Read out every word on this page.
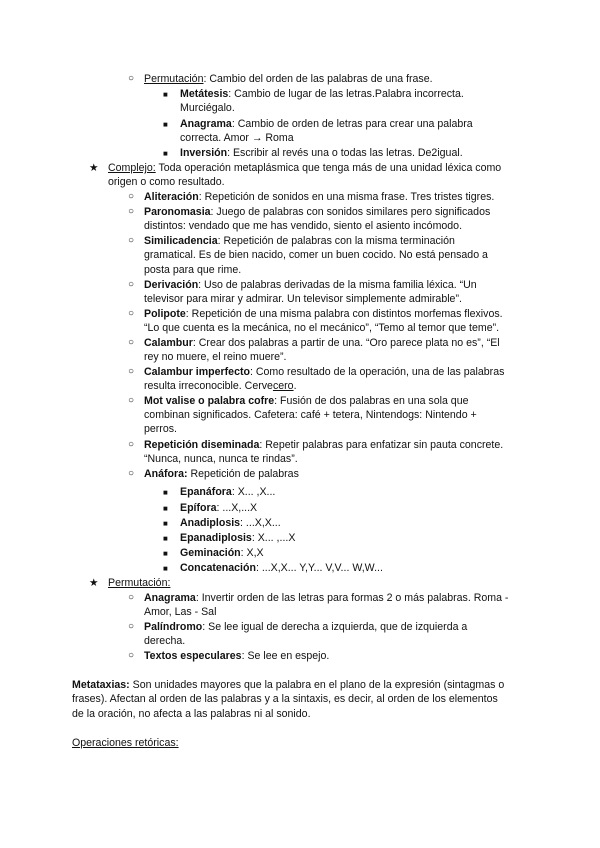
○ Permutación: Cambio del orden de las palabras de una frase.
■ Metátesis: Cambio de lugar de las letras.Palabra incorrecta.
Murciégalo.
■ Anagrama: Cambio de orden de letras para crear una palabra
correcta. Amor → Roma
■ Inversión: Escribir al revés una o todas las letras. De2igual.
★ Complejo: Toda operación metaplásmica que tenga más de una unidad léxica como
origen o como resultado.
○ Aliteración: Repetición de sonidos en una misma frase. Tres tristes tigres.
○ Paronomasia: Juego de palabras con sonidos similares pero significados
distintos: vendado que me has vendido, siento el asiento incómodo.
○ Similicadencia: Repetición de palabras con la misma terminación
gramatical. Es de bien nacido, comer un buen cocido. No está pensado a
posta para que rime.
○ Derivación: Uso de palabras derivadas de la misma familia léxica. “Un
televisor para mirar y admirar. Un televisor simplemente admirable”.
○ Polipote: Repetición de una misma palabra con distintos morfemas flexivos.
“Lo que cuenta es la mecánica, no el mecánico”, “Temo al temor que teme”.
○ Calambur: Crear dos palabras a partir de una. “Oro parece plata no es”, “El
rey no muere, el reino muere”.
○ Calambur imperfecto: Como resultado de la operación, una de las palabras
resulta irreconocible. Cervecero.
○ Mot valise o palabra cofre: Fusión de dos palabras en una sola que
combinan significados. Cafetera: café + tetera, Nintendogs: Nintendo +
perros.
○ Repetición diseminada: Repetir palabras para enfatizar sin pauta concrete.
“Nunca, nunca, nunca te rindas”.
○ Anáfora: Repetición de palabras
■ Epanáfora: X... ,X...
■ Epífora: ...X,...X
■ Anadiplosis: ...X,X...
■ Epanadiplosis: X... ,...X
■ Geminación: X,X
■ Concatenación: ...X,X... Y,Y... V,V... W,W...
★ Permutación:
○ Anagrama: Invertir orden de las letras para formas 2 o más palabras. Roma -
Amor, Las - Sal
○ Palíndromo: Se lee igual de derecha a izquierda, que de izquierda a
derecha.
○ Textos especulares: Se lee en espejo.
Metataxias: Son unidades mayores que la palabra en el plano de la expresión (sintagmas o
frases). Afectan al orden de las palabras y a la sintaxis, es decir, al orden de los elementos
de la oración, no afecta a las palabras ni al sonido.
Operaciones retóricas:
